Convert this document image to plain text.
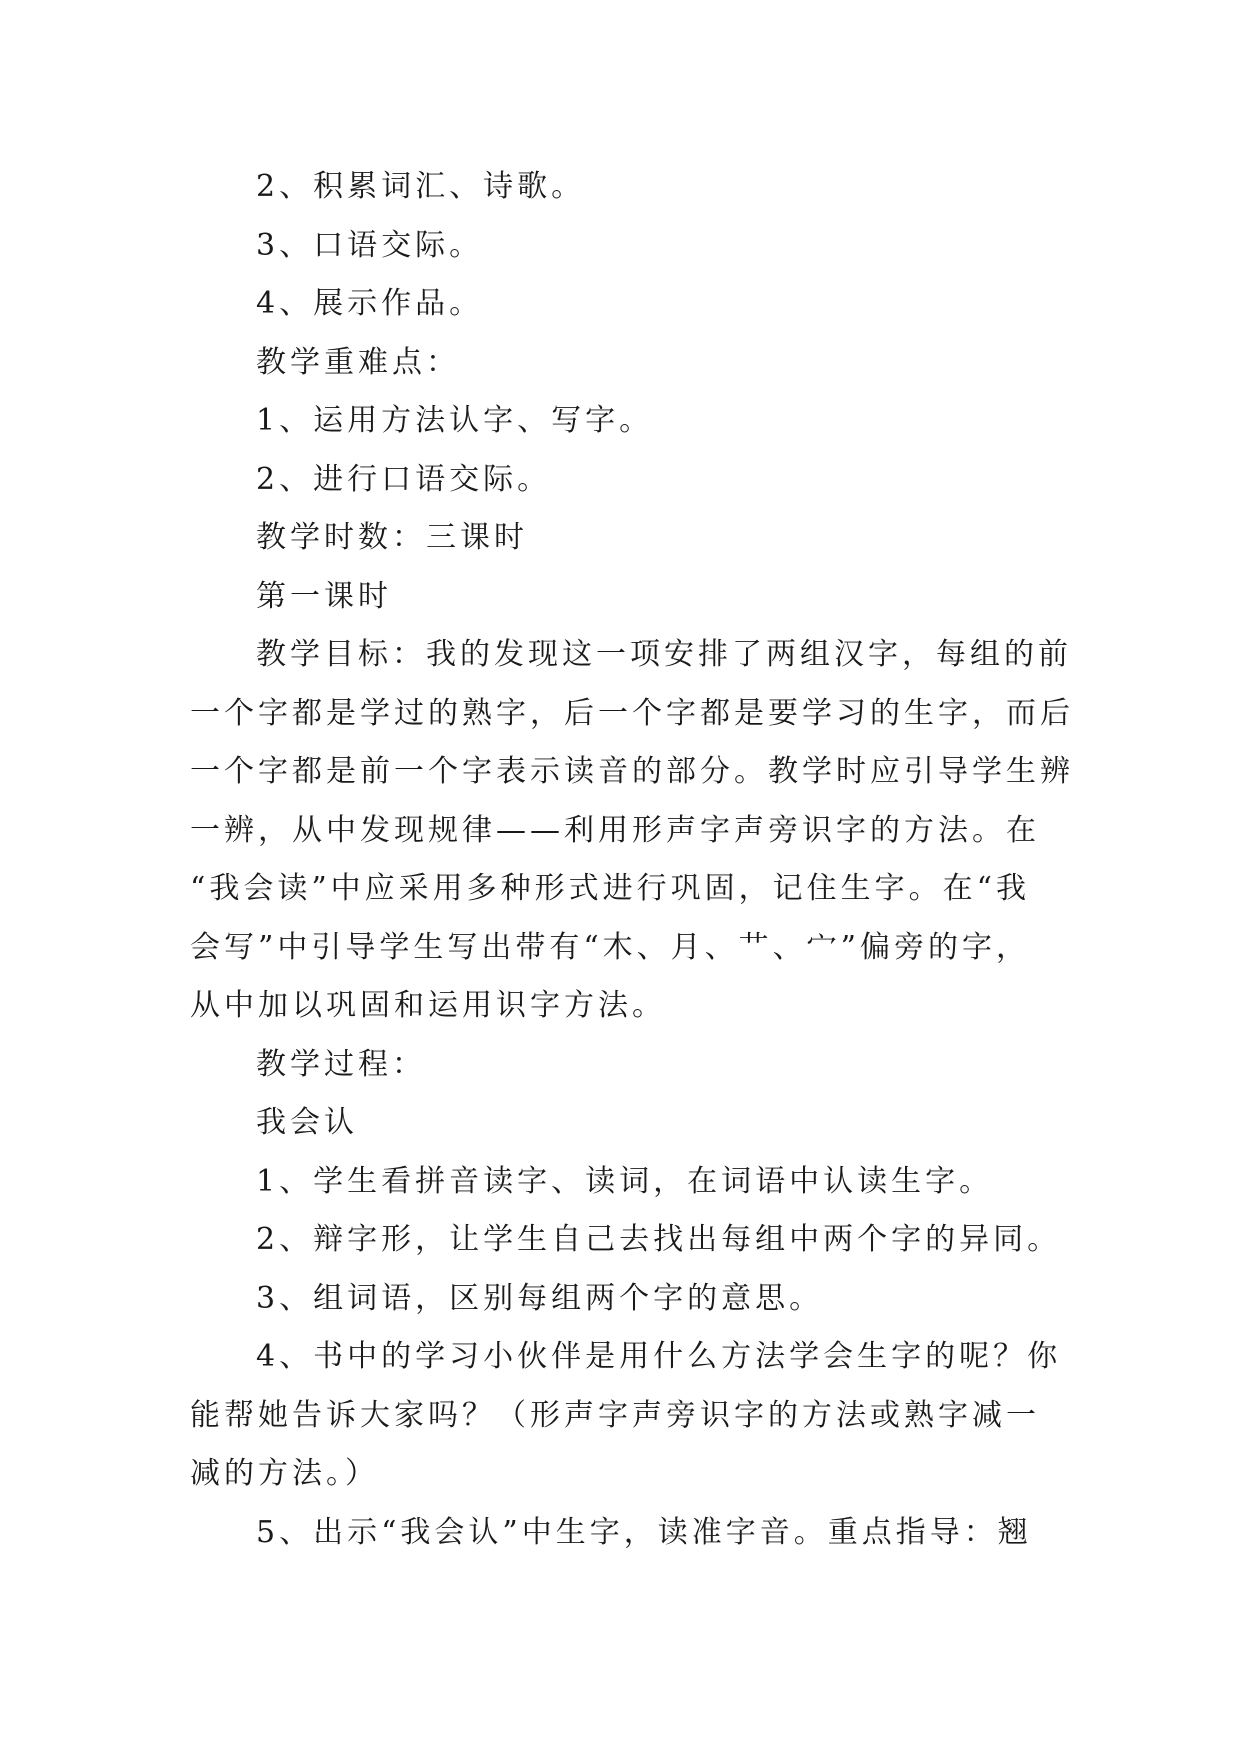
2、积累词汇、诗歌。
3、口语交际。
4、展示作品。
教学重难点：
1、运用方法认字、写字。
2、进行口语交际。
教学时数：三课时
第一课时
教学目标：我的发现这一项安排了两组汉字，每组的前
一个字都是学过的熟字，后一个字都是要学习的生字，而后
一个字都是前一个字表示读音的部分。教学时应引导学生辨
一辨，从中发现规律——利用形声字声旁识字的方法。在
“我会读”中应采用多种形式进行巩固，记住生字。在“我
会写”中引导学生写出带有“木、月、艹、宀”偏旁的字，
从中加以巩固和运用识字方法。
教学过程：
我会认
1、学生看拼音读字、读词，在词语中认读生字。
2、辩字形，让学生自己去找出每组中两个字的异同。
3、组词语，区别每组两个字的意思。
4、书中的学习小伙伴是用什么方法学会生字的呢？你
能帮她告诉大家吗？（形声字声旁识字的方法或熟字减一
减的方法。）
5、出示“我会认”中生字，读准字音。重点指导：翘
